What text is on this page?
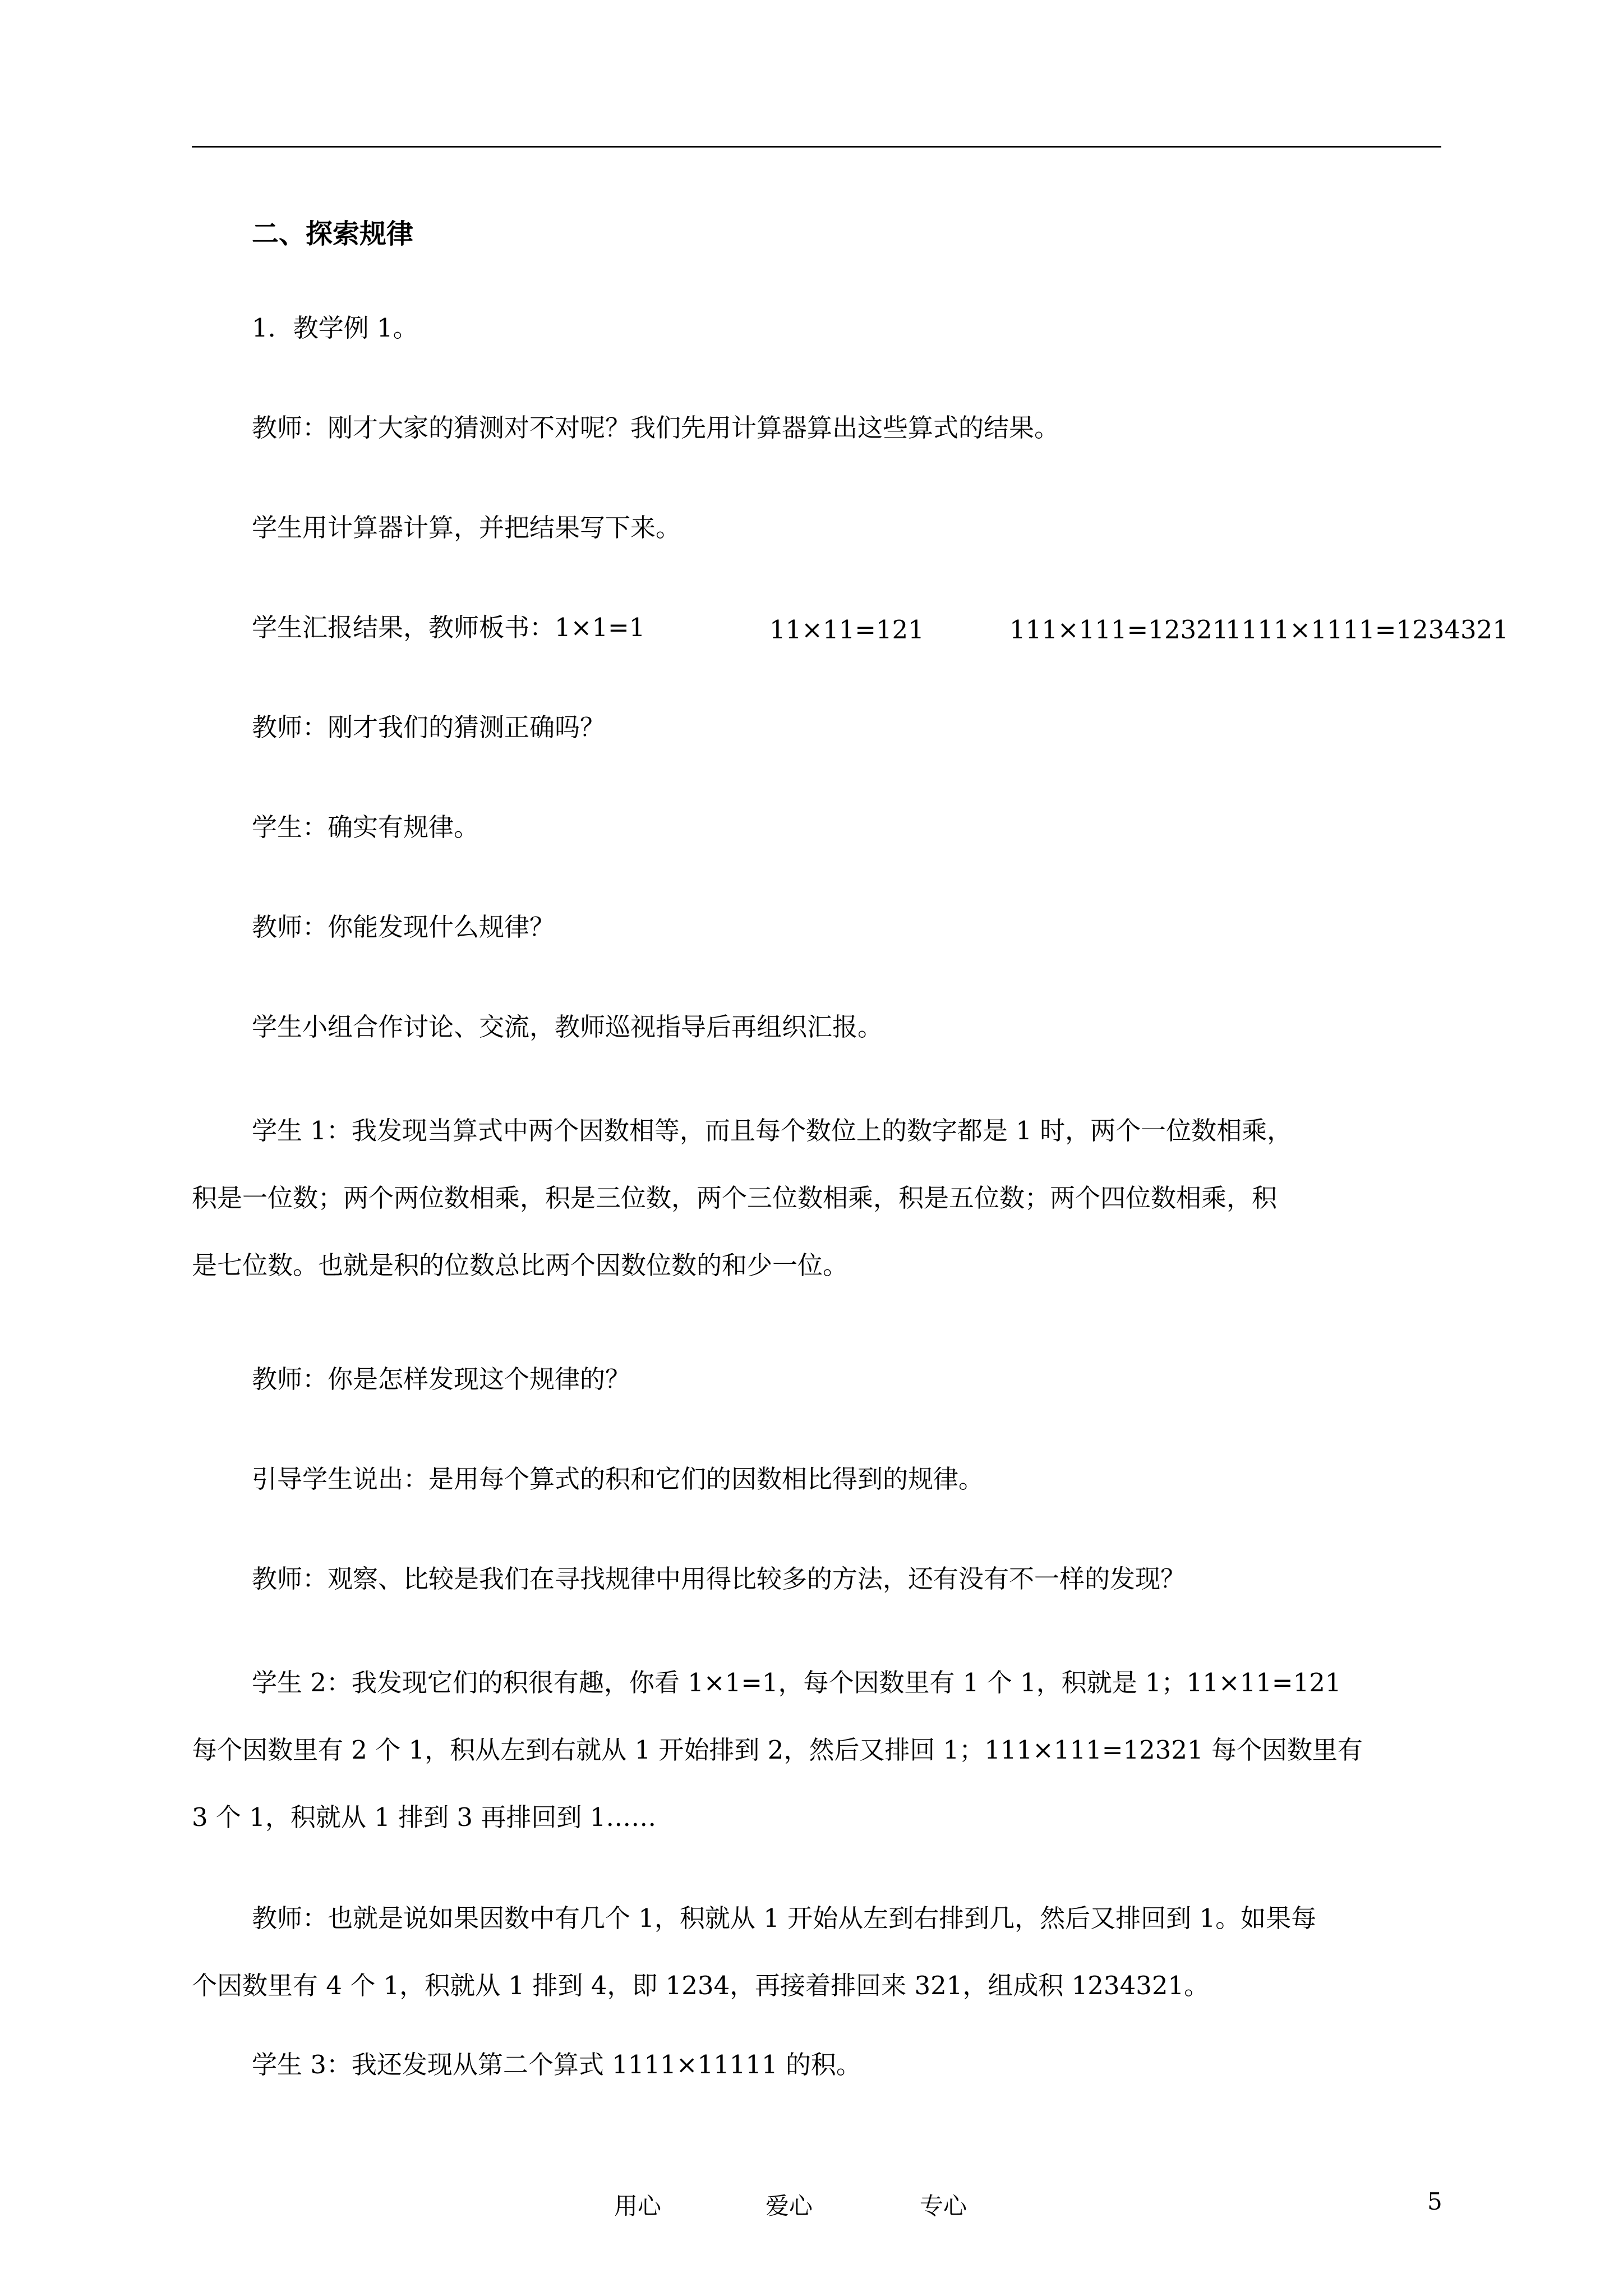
二、探索规律
1．教学例 1。
教师：刚才大家的猜测对不对呢？我们先用计算器算出这些算式的结果。
学生用计算器计算，并把结果写下来。
学生汇报结果，教师板书：1×1=1	11×11=121	111×111=12321
1111×1111=1234321
教师：刚才我们的猜测正确吗？
学生：确实有规律。
教师：你能发现什么规律？
学生小组合作讨论、交流，教师巡视指导后再组织汇报。
学生 1：我发现当算式中两个因数相等，而且每个数位上的数字都是 1 时，两个一位数相乘，
积是一位数；两个两位数相乘，积是三位数，两个三位数相乘，积是五位数；两个四位数相乘，积
是七位数。也就是积的位数总比两个因数位数的和少一位。
教师：你是怎样发现这个规律的？
引导学生说出：是用每个算式的积和它们的因数相比得到的规律。
教师：观察、比较是我们在寻找规律中用得比较多的方法，还有没有不一样的发现？
学生 2：我发现它们的积很有趣，你看 1×1=1，每个因数里有 1 个 1，积就是 1；11×11=121
每个因数里有 2 个 1，积从左到右就从 1 开始排到 2，然后又排回 1；111×111=12321 每个因数里有
3 个 1，积就从 1 排到 3 再排回到 1……
教师：也就是说如果因数中有几个 1，积就从 1 开始从左到右排到几，然后又排回到 1。如果每
个因数里有 4 个 1，积就从 1 排到 4，即 1234，再接着排回来 321，组成积 1234321。
学生 3：我还发现从第二个算式 1111×11111 的积。
用心	爱心	专心	5
